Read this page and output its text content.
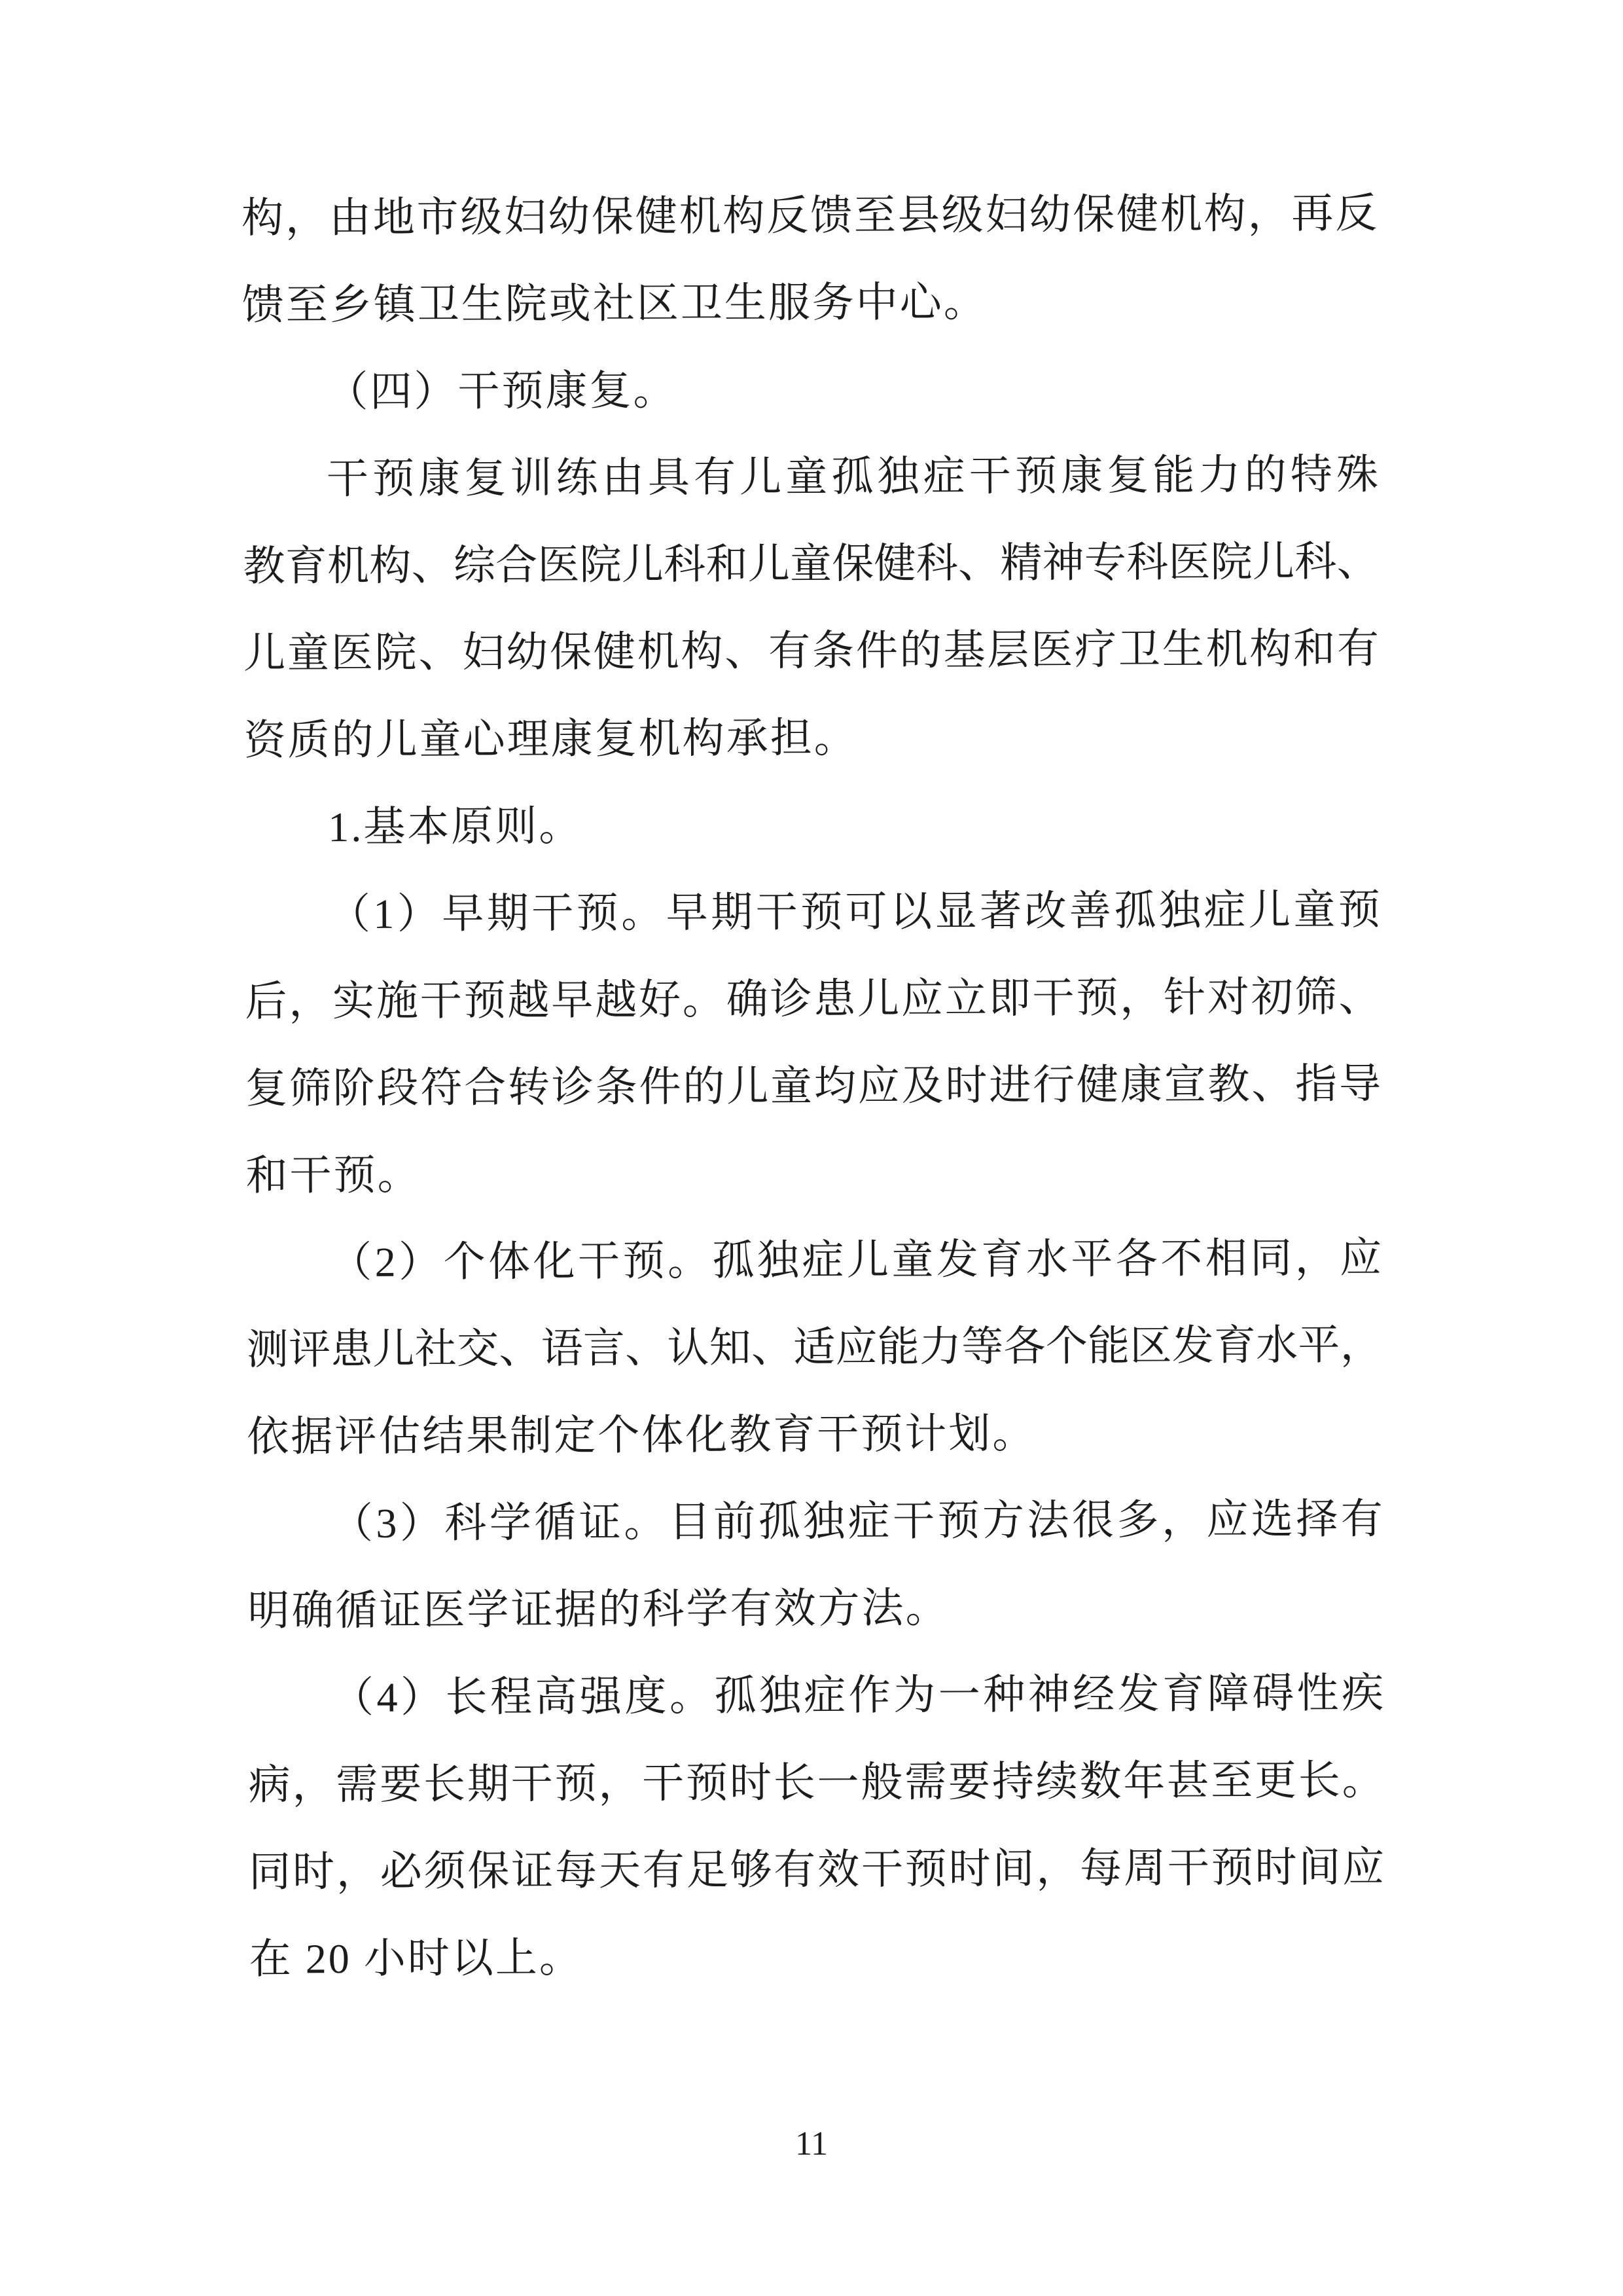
构，由地市级妇幼保健机构反馈至县级妇幼保健机构，再反
馈至乡镇卫生院或社区卫生服务中心。
（四）干预康复。
干预康复训练由具有儿童孤独症干预康复能力的特殊
教育机构、综合医院儿科和儿童保健科、精神专科医院儿科、
儿童医院、妇幼保健机构、有条件的基层医疗卫生机构和有
资质的儿童心理康复机构承担。
1.基本原则。
（1）早期干预。早期干预可以显著改善孤独症儿童预
后，实施干预越早越好。确诊患儿应立即干预，针对初筛、
复筛阶段符合转诊条件的儿童均应及时进行健康宣教、指导
和干预。
（2）个体化干预。孤独症儿童发育水平各不相同，应
测评患儿社交、语言、认知、适应能力等各个能区发育水平，
依据评估结果制定个体化教育干预计划。
（3）科学循证。目前孤独症干预方法很多，应选择有
明确循证医学证据的科学有效方法。
（4）长程高强度。孤独症作为一种神经发育障碍性疾
病，需要长期干预，干预时长一般需要持续数年甚至更长。
同时，必须保证每天有足够有效干预时间，每周干预时间应
在 20 小时以上。
11
